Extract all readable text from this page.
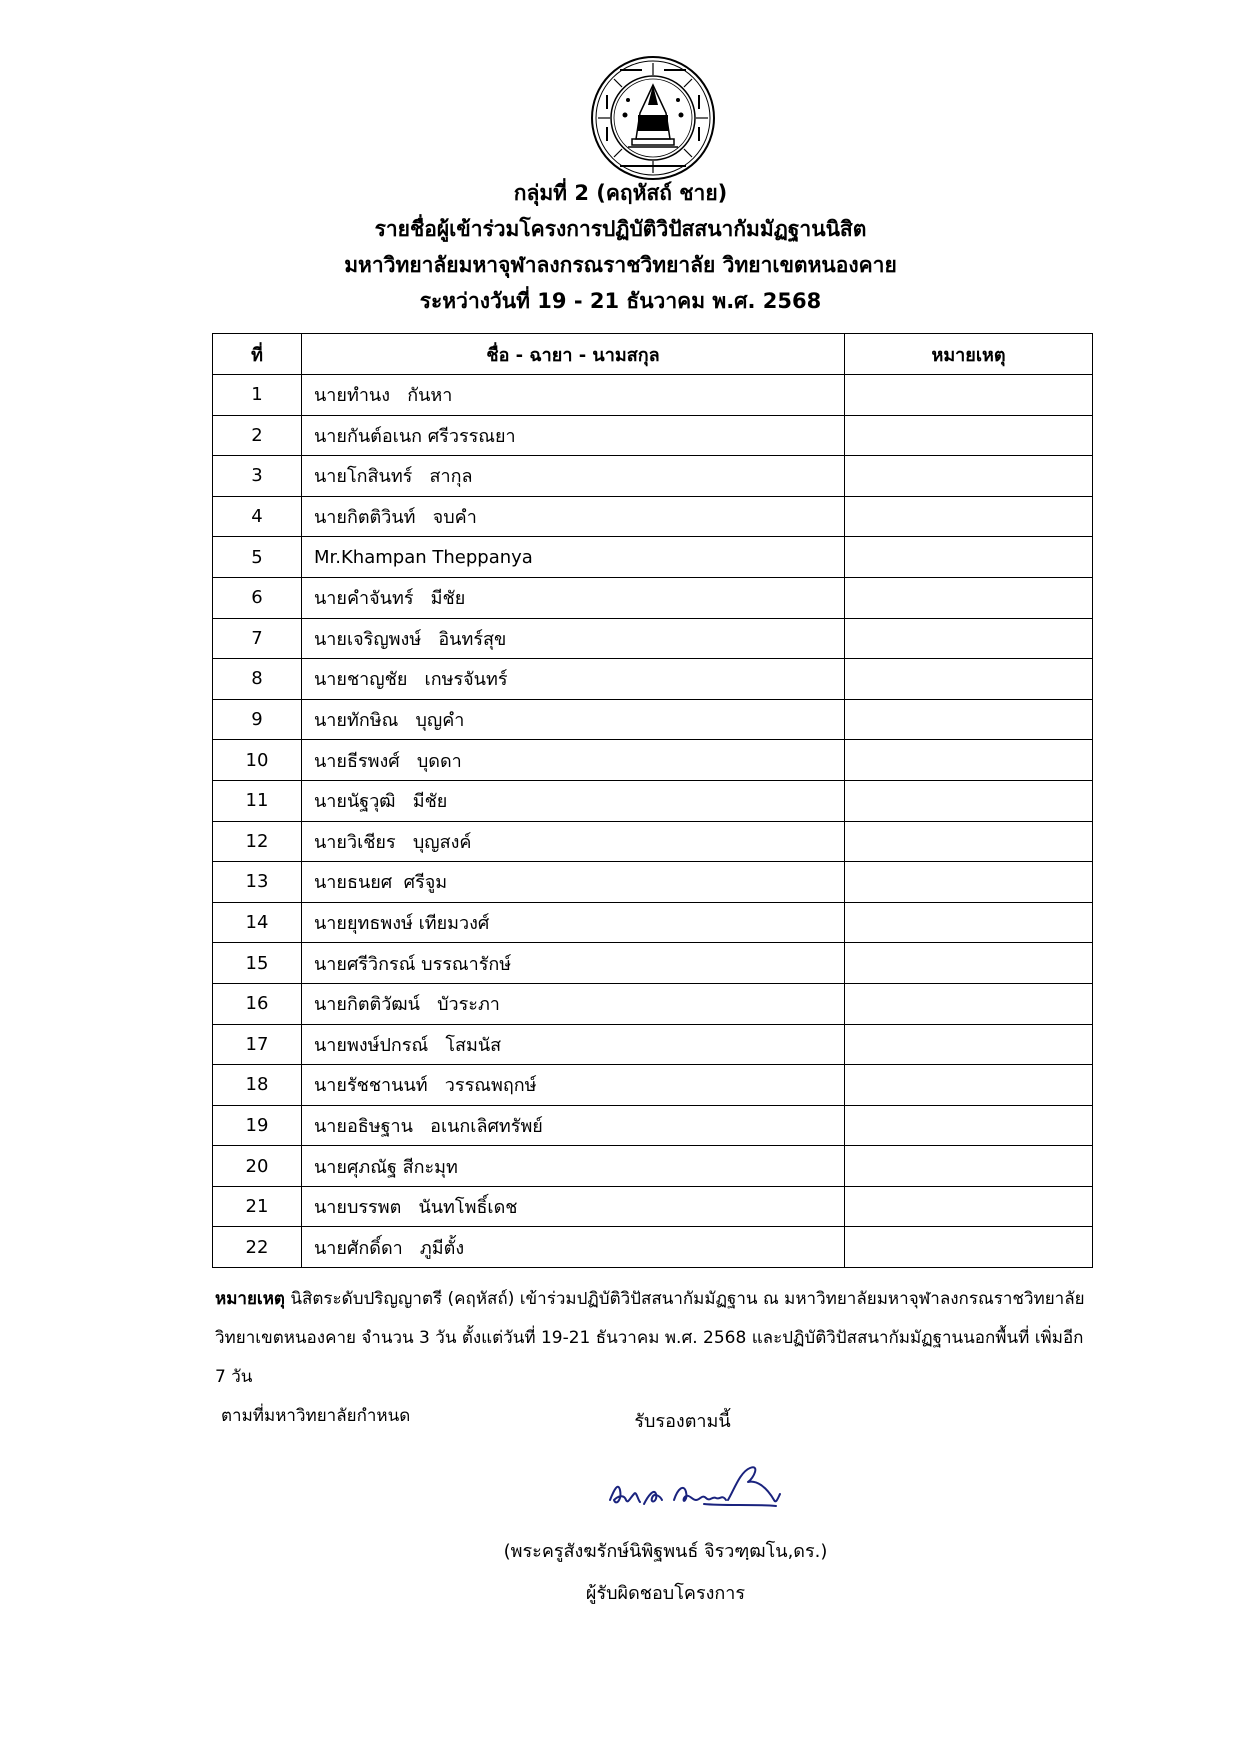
กลุ่มที่ 2 (คฤหัสถ์ ชาย)
รายชื่อผู้เข้าร่วมโครงการปฏิบัติวิปัสสนากัมมัฏฐานนิสิต
มหาวิทยาลัยมหาจุฬาลงกรณราชวิทยาลัย วิทยาเขตหนองคาย
ระหว่างวันที่ 19 - 21 ธันวาคม พ.ศ. 2568
ที่	ชื่อ - ฉายา - นามสกุล	หมายเหตุ
1	นายทำนง   กันหา	
2	นายกันต์อเนก ศรีวรรณยา	
3	นายโกสินทร์   สากุล	
4	นายกิตติวินท์   จบคำ	
5	Mr.Khampan Theppanya	
6	นายคำจันทร์   มีชัย	
7	นายเจริญพงษ์   อินทร์สุข	
8	นายชาญชัย   เกษรจันทร์	
9	นายทักษิณ   บุญคำ	
10	นายธีรพงศ์   บุดดา	
11	นายนัฐวุฒิ   มีชัย	
12	นายวิเชียร   บุญสงค์	
13	นายธนยศ  ศรีจูม	
14	นายยุทธพงษ์ เทียมวงศ์	
15	นายศรีวิกรณ์ บรรณารักษ์	
16	นายกิตติวัฒน์   บัวระภา	
17	นายพงษ์ปกรณ์   โสมนัส	
18	นายรัชชานนท์   วรรณพฤกษ์	
19	นายอธิษฐาน   อเนกเลิศทรัพย์	
20	นายศุภณัฐ สีกะมุท	
21	นายบรรพต   นันทโพธิ์เดช	
22	นายศักดิ์ดา   ภูมีตั้ง	

หมายเหตุ นิสิตระดับปริญญาตรี (คฤหัสถ์) เข้าร่วมปฏิบัติวิปัสสนากัมมัฏฐาน ณ มหาวิทยาลัยมหาจุฬาลงกรณราชวิทยาลัย

วิทยาเขตหนองคาย จำนวน 3 วัน ตั้งแต่วันที่ 19-21 ธันวาคม พ.ศ. 2568 และปฏิบัติวิปัสสนากัมมัฏฐานนอกพื้นที่ เพิ่มอีก 7 วัน

ตามที่มหาวิทยาลัยกำหนด	รับรองตามนี้
(พระครูสังฆรักษ์นิพิฐพนธ์ จิรวฑฺฒโน,ดร.)
ผู้รับผิดชอบโครงการ
